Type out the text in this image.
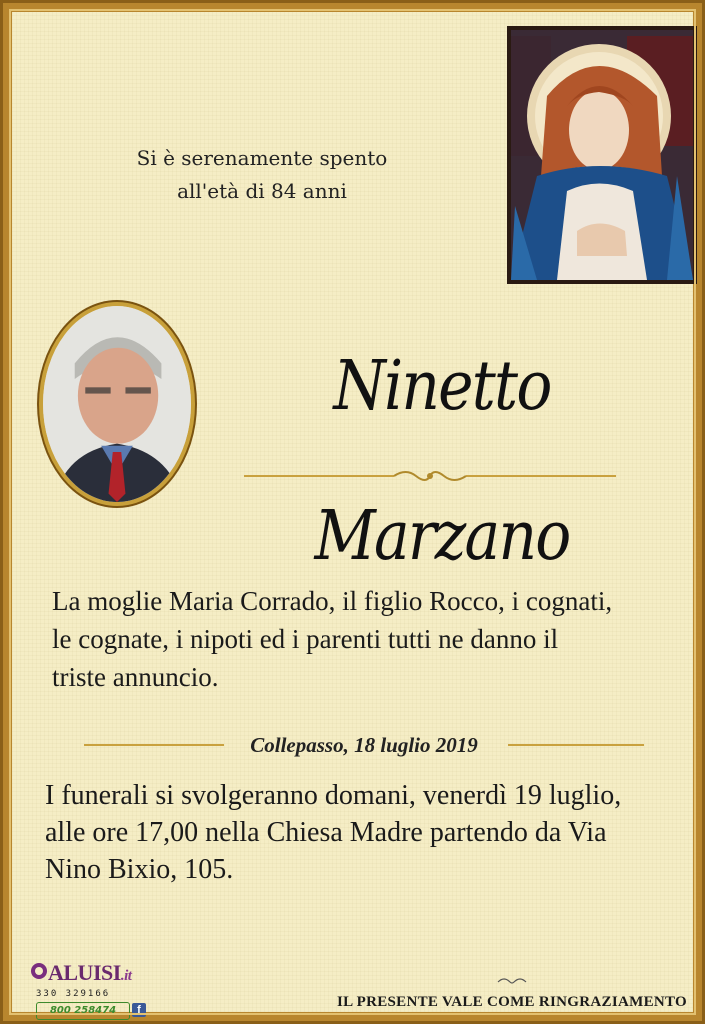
Si è serenamente spento
all'età di 84 anni
Ninetto Marzano
La moglie Maria Corrado, il figlio Rocco, i cognati,
le cognate, i nipoti ed i parenti tutti ne danno il
triste annuncio.
Collepasso, 18 luglio 2019
I funerali si svolgeranno domani, venerdì 19 luglio,
alle ore 17,00 nella Chiesa Madre partendo da Via
Nino Bixio, 105.
ALUISI.it
330 329166
800 258474	f	IL PRESENTE VALE COME RINGRAZIAMENTO
